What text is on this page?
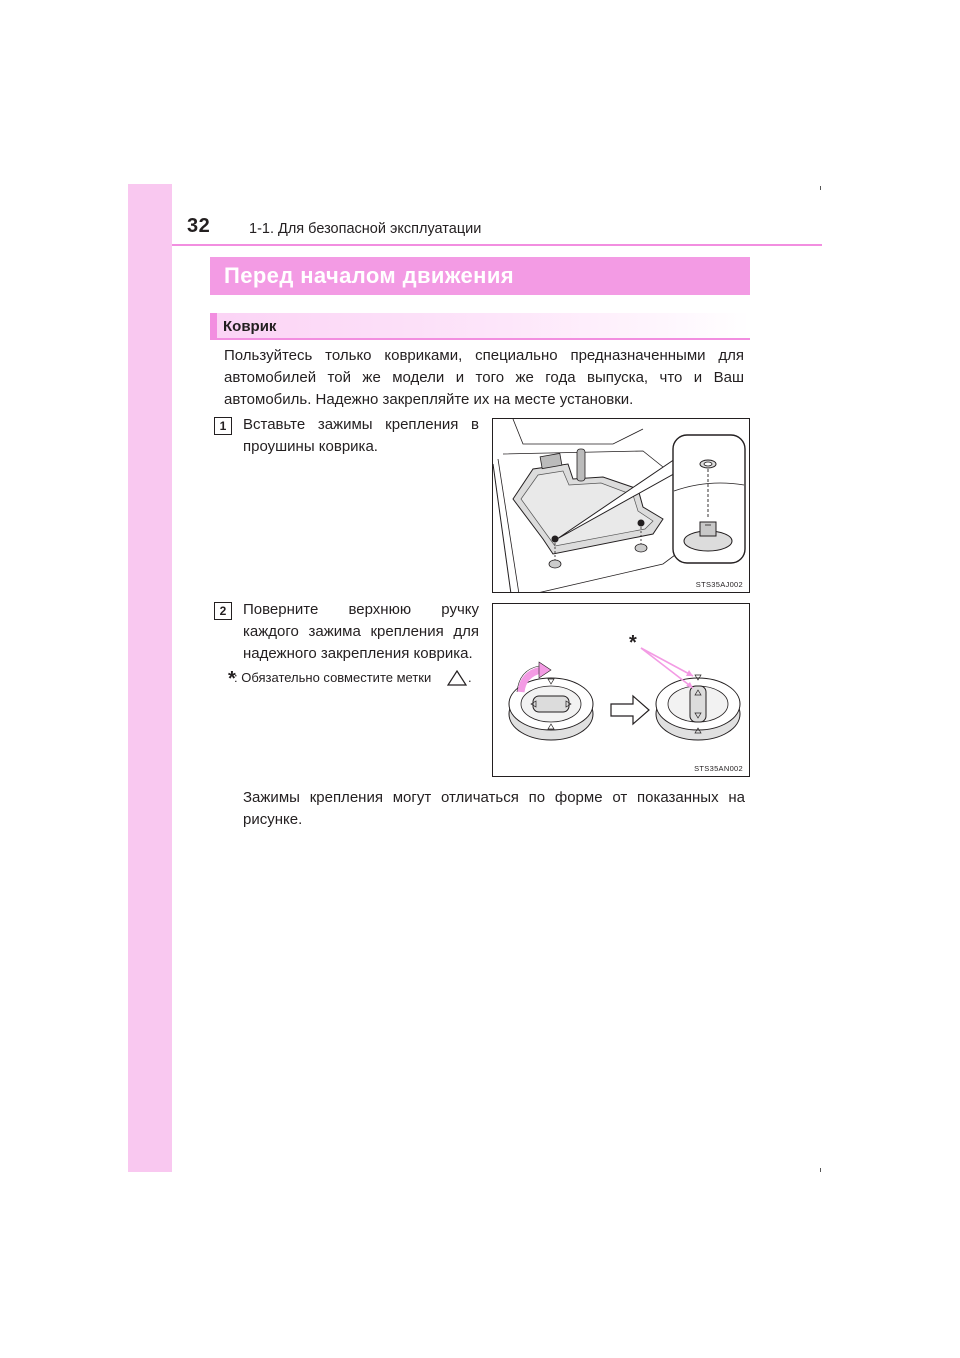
32	1-1. Для безопасной эксплуатации
Перед началом движения
Коврик
Пользуйтесь только ковриками, специально предназначенными для
автомобилей той же модели и того же года выпуска, что и Ваш
автомобиль. Надежно закрепляйте их на месте установки.
1	Вставьте зажимы крепления в
проушины коврика.
STS35AJ002
2	Поверните верхнюю ручку
каждого зажима крепления для
надежного закрепления коврика.
*
: Обязательно совместите метки	.
*
STS35AN002
Зажимы крепления могут отличаться по форме от показанных на
рисунке.
